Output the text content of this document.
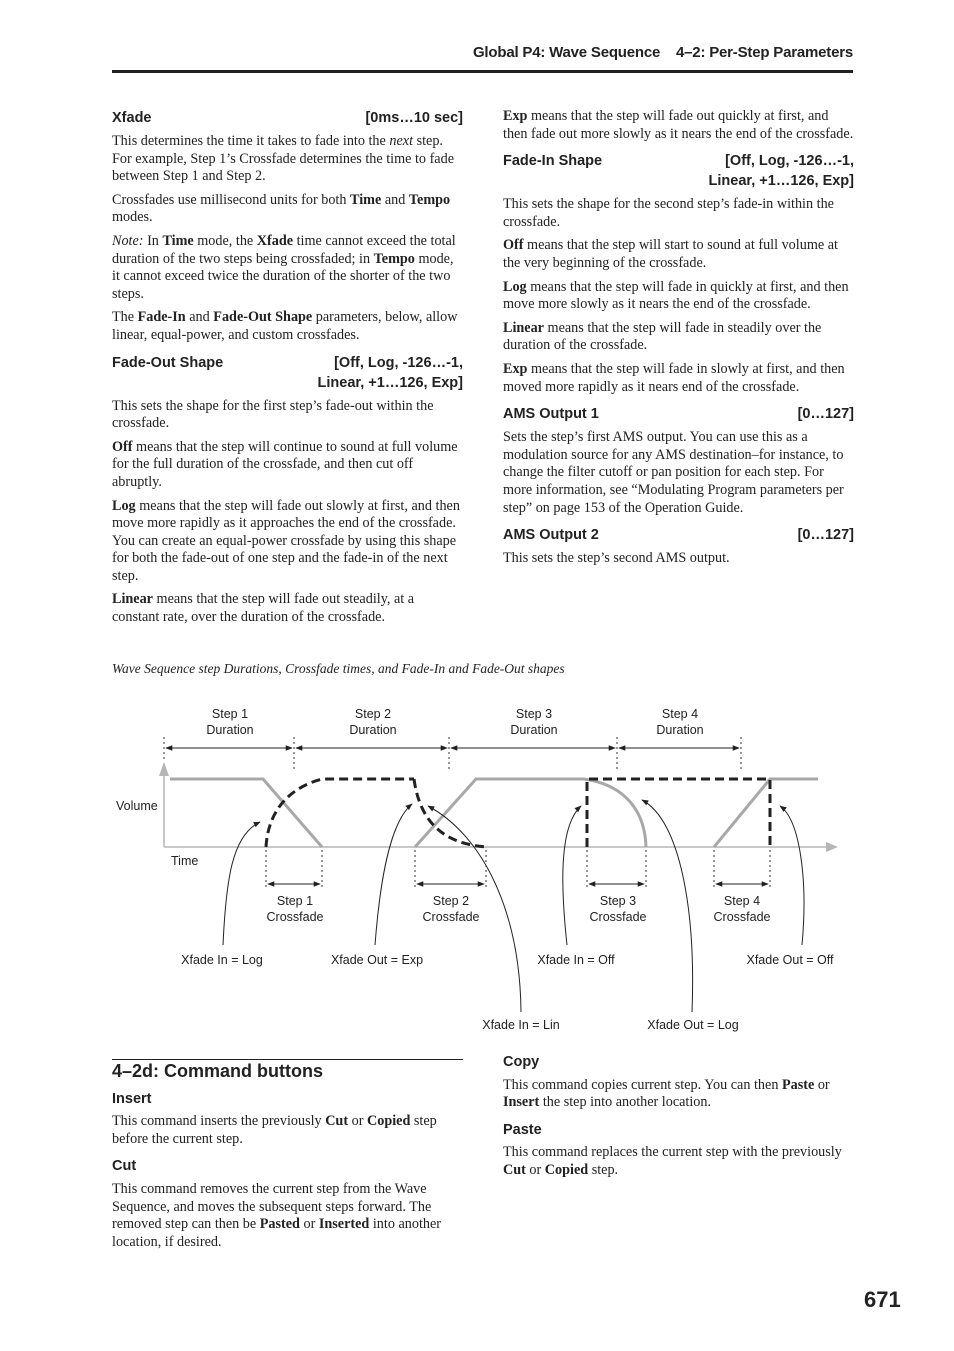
Global P4: Wave Sequence    4–2: Per-Step Parameters
Xfade	[0ms…10 sec]

This determines the time it takes to fade into the next step. For example, Step 1’s Crossfade determines the time to fade between Step 1 and Step 2.

Crossfades use millisecond units for both Time and Tempo modes.

Note: In Time mode, the Xfade time cannot exceed the total duration of the two steps being crossfaded; in Tempo mode, it cannot exceed twice the duration of the shorter of the two steps.

The Fade-In and Fade-Out Shape parameters, below, allow linear, equal-power, and custom crossfades.

Fade-Out Shape	[Off, Log, -126…-1,
Linear, +1…126, Exp]

This sets the shape for the first step’s fade-out within the crossfade.

Off means that the step will continue to sound at full volume for the full duration of the crossfade, and then cut off abruptly.

Log means that the step will fade out slowly at first, and then move more rapidly as it approaches the end of the crossfade. You can create an equal-power crossfade by using this shape for both the fade-out of one step and the fade-in of the next step.

Linear means that the step will fade out steadily, at a constant rate, over the duration of the crossfade.

Exp means that the step will fade out quickly at first, and then fade out more slowly as it nears the end of the crossfade.

Fade-In Shape	[Off, Log, -126…-1,
Linear, +1…126, Exp]

This sets the shape for the second step’s fade-in within the crossfade.

Off means that the step will start to sound at full volume at the very beginning of the crossfade.

Log means that the step will fade in quickly at first, and then move more slowly as it nears the end of the crossfade.

Linear means that the step will fade in steadily over the duration of the crossfade.

Exp means that the step will fade in slowly at first, and then moved more rapidly as it nears end of the crossfade.

AMS Output 1	[0…127]

Sets the step’s first AMS output. You can use this as a modulation source for any AMS destination–for instance, to change the filter cutoff or pan position for each step. For more information, see “Modulating Program parameters per step” on page 153 of the Operation Guide.

AMS Output 2	[0…127]

This sets the step’s second AMS output.

Wave Sequence step Durations, Crossfade times, and Fade-In and Fade-Out shapes
Step 1 Duration
Step 2 Duration
Step 3 Duration
Step 4 Duration
Step 1 Crossfade
Step 2 Crossfade
Step 3 Crossfade
Step 4 Crossfade
Xfade In = Log	Xfade Out = Exp	Xfade In = Off	Xfade Out = Off
Xfade In = Lin	Xfade Out = Log
Volume
Time
4–2d: Command buttons
Insert

This command inserts the previously Cut or Copied step before the current step.

Cut

This command removes the current step from the Wave Sequence, and moves the subsequent steps forward. The removed step can then be Pasted or Inserted into another location, if desired.

Copy

This command copies current step. You can then Paste or Insert the step into another location.

Paste

This command replaces the current step with the previously Cut or Copied step.

671
